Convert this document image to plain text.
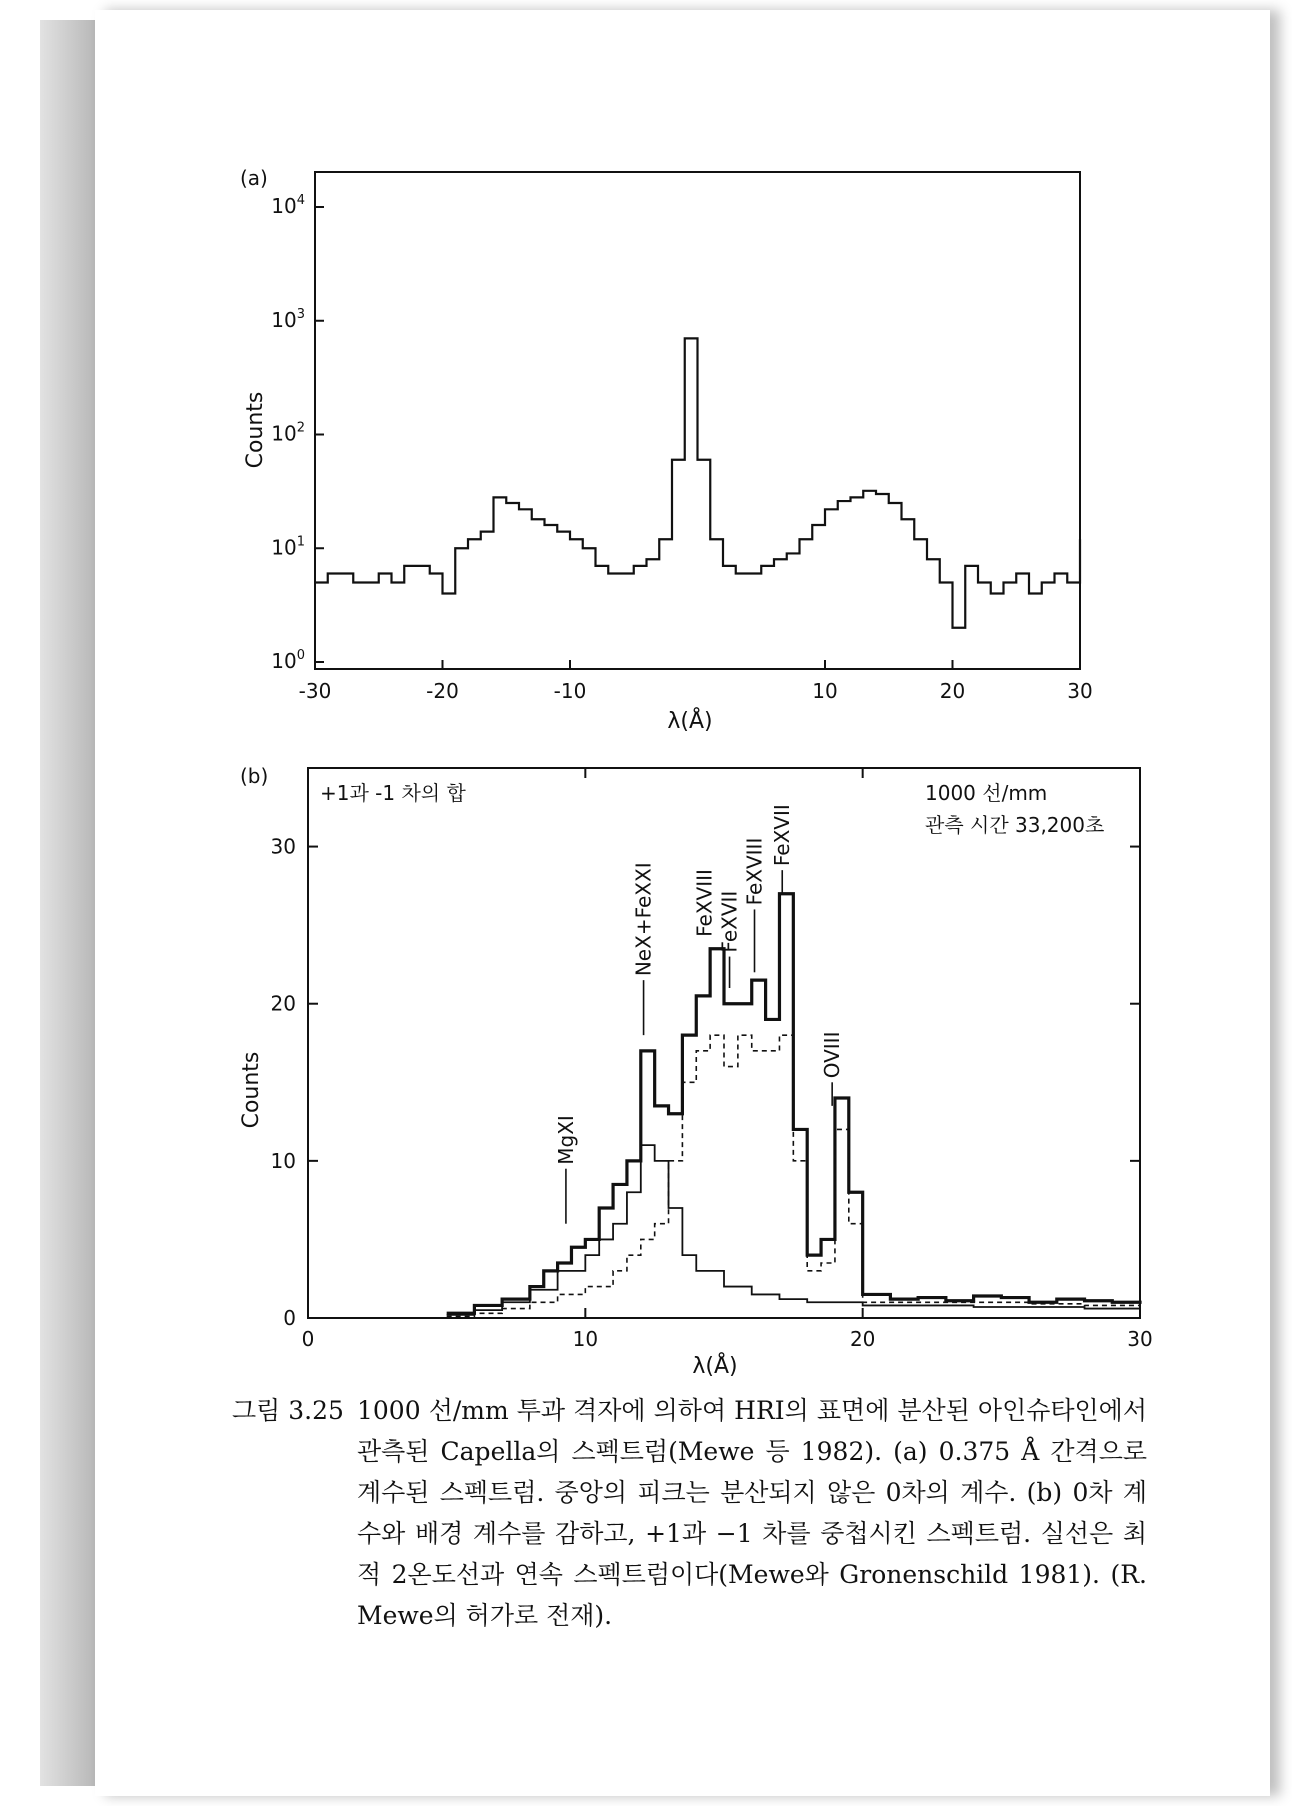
(a)
Counts
λ(Å)
$10^0$
$10^1$
$10^2$
$10^3$
$10^4$
-30	-20	-10	10	20	30
(b)
Counts
λ(Å)
+1과 -1 차의 합	1000 선/mm
관측 시간 33,200초
0
10
20
30
0	10	20	30
MgXI
NeX+FeXXI FeXVIII FeXVII
FeXVIII
FeXVII
OVIII
그림 3.25 1000 선/mm 투과 격자에 의하여 HRI의 표면에 분산된 아인슈타인에서 관측된 Capella의 스펙트럼(Mewe 등 1982). (a) 0.375 Å 간격으로 계수된 스펙트럼. 중앙의 피크는 분산되지 않은 0차의 계수. (b) 0차 계수와 배경 계수를 감하고, +1과 −1 차를 중첩시킨 스펙트럼. 실선은 최적 2온도선과 연속 스펙트럼이다(Mewe와 Gronenschild 1981). (R. Mewe의 허가로 전재).
